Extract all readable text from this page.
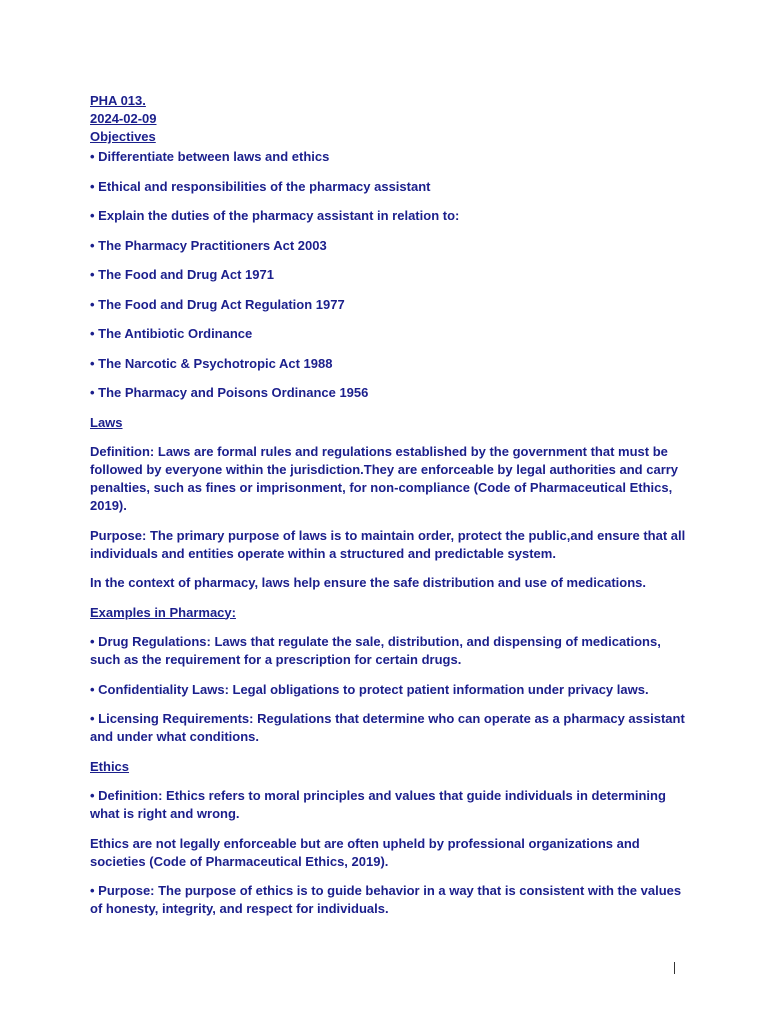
PHA 013.
2024-02-09
Objectives

• Differentiate between laws and ethics

• Ethical and responsibilities of the pharmacy assistant

• Explain the duties of the pharmacy assistant in relation to:

• The Pharmacy Practitioners Act 2003

• The Food and Drug Act 1971

• The Food and Drug Act Regulation 1977

• The Antibiotic Ordinance

• The Narcotic & Psychotropic Act 1988

• The Pharmacy and Poisons Ordinance 1956

Laws

Definition: Laws are formal rules and regulations established by the government that must be followed by everyone within the jurisdiction.They are enforceable by legal authorities and carry penalties, such as fines or imprisonment, for non-compliance (Code of Pharmaceutical Ethics, 2019).

Purpose: The primary purpose of laws is to maintain order, protect the public,and ensure that all individuals and entities operate within a structured and predictable system.

In the context of pharmacy, laws help ensure the safe distribution and use of medications.

Examples in Pharmacy:

• Drug Regulations: Laws that regulate the sale, distribution, and dispensing of medications, such as the requirement for a prescription for certain drugs.

• Confidentiality Laws: Legal obligations to protect patient information under privacy laws.

• Licensing Requirements: Regulations that determine who can operate as a pharmacy assistant and under what conditions.

Ethics

• Definition: Ethics refers to moral principles and values that guide individuals in determining what is right and wrong.

Ethics are not legally enforceable but are often upheld by professional organizations and societies (Code of Pharmaceutical Ethics, 2019).

• Purpose: The purpose of ethics is to guide behavior in a way that is consistent with the values of honesty, integrity, and respect for individuals.
